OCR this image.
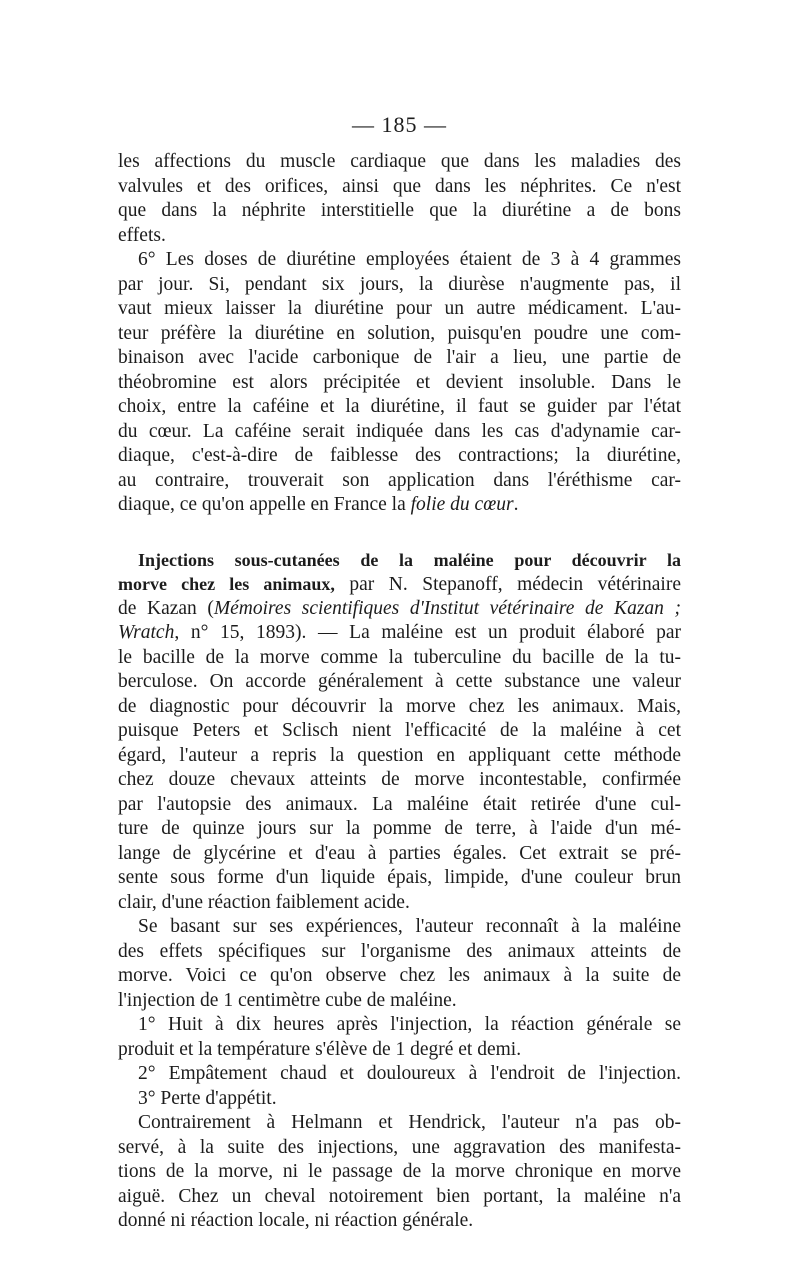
— 185 —
les affections du muscle cardiaque que dans les maladies des
valvules et des orifices, ainsi que dans les néphrites. Ce n'est
que dans la néphrite interstitielle que la diurétine a de bons
effets.
6° Les doses de diurétine employées étaient de 3 à 4 grammes
par jour. Si, pendant six jours, la diurèse n'augmente pas, il
vaut mieux laisser la diurétine pour un autre médicament. L'au-
teur préfère la diurétine en solution, puisqu'en poudre une com-
binaison avec l'acide carbonique de l'air a lieu, une partie de
théobromine est alors précipitée et devient insoluble. Dans le
choix, entre la caféine et la diurétine, il faut se guider par l'état
du cœur. La caféine serait indiquée dans les cas d'adynamie car-
diaque, c'est-à-dire de faiblesse des contractions; la diurétine,
au contraire, trouverait son application dans l'éréthisme car-
diaque, ce qu'on appelle en France la folie du cœur.
Injections sous-cutanées de la maléine pour découvrir la
morve chez les animaux, par N. Stepanoff, médecin vétérinaire
de Kazan (Mémoires scientifiques d'Institut vétérinaire de Kazan ;
Wratch, n° 15, 1893). — La maléine est un produit élaboré par
le bacille de la morve comme la tuberculine du bacille de la tu-
berculose. On accorde généralement à cette substance une valeur
de diagnostic pour découvrir la morve chez les animaux. Mais,
puisque Peters et Sclisch nient l'efficacité de la maléine à cet
égard, l'auteur a repris la question en appliquant cette méthode
chez douze chevaux atteints de morve incontestable, confirmée
par l'autopsie des animaux. La maléine était retirée d'une cul-
ture de quinze jours sur la pomme de terre, à l'aide d'un mé-
lange de glycérine et d'eau à parties égales. Cet extrait se pré-
sente sous forme d'un liquide épais, limpide, d'une couleur brun
clair, d'une réaction faiblement acide.
Se basant sur ses expériences, l'auteur reconnaît à la maléine
des effets spécifiques sur l'organisme des animaux atteints de
morve. Voici ce qu'on observe chez les animaux à la suite de
l'injection de 1 centimètre cube de maléine.
1° Huit à dix heures après l'injection, la réaction générale se
produit et la température s'élève de 1 degré et demi.
2° Empâtement chaud et douloureux à l'endroit de l'injection.
3° Perte d'appétit.
Contrairement à Helmann et Hendrick, l'auteur n'a pas ob-
servé, à la suite des injections, une aggravation des manifesta-
tions de la morve, ni le passage de la morve chronique en morve
aiguë. Chez un cheval notoirement bien portant, la maléine n'a
donné ni réaction locale, ni réaction générale.
